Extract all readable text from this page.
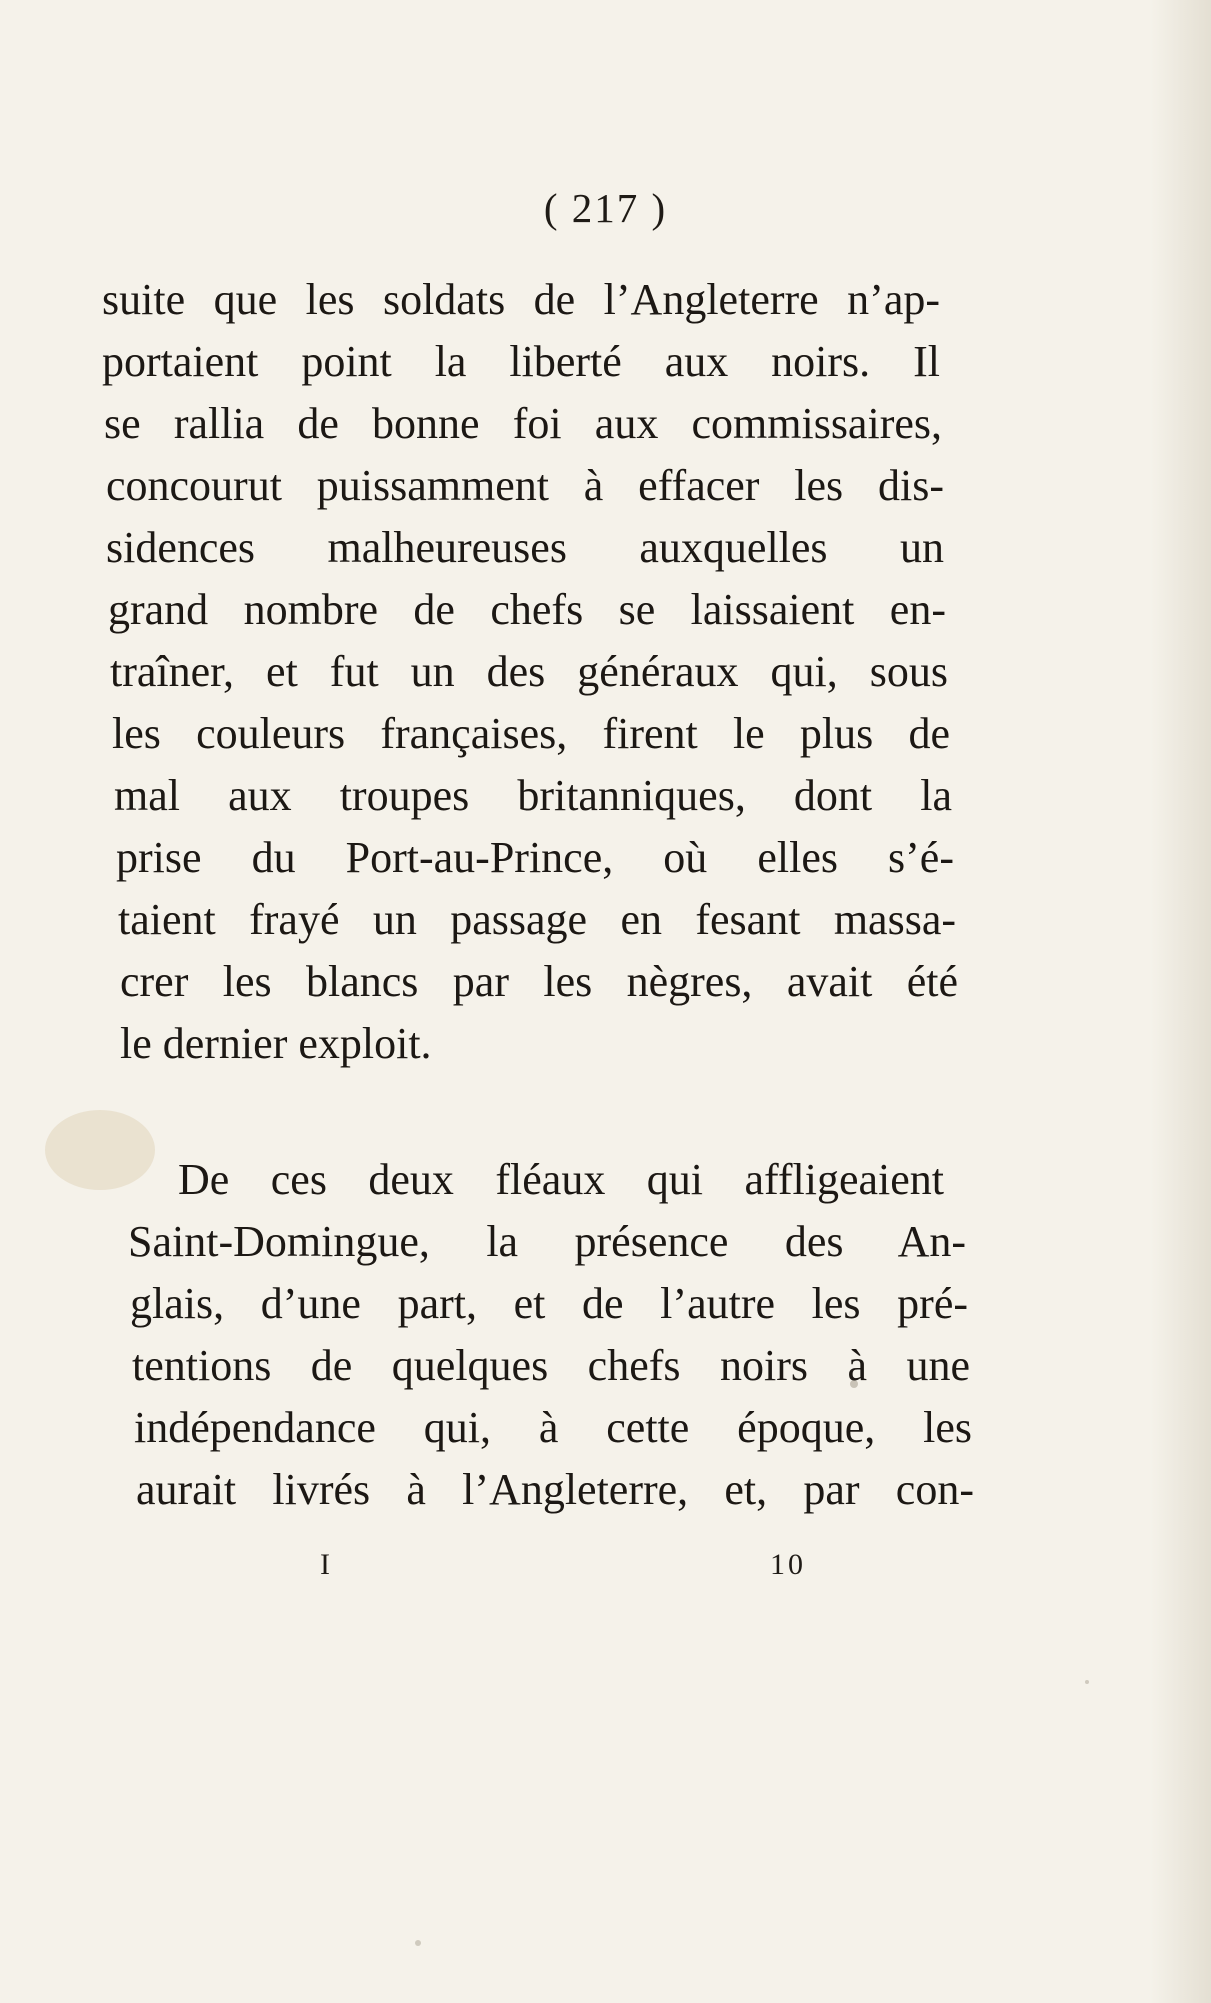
( 217 )
suite que les soldats de l’Angleterre n’ap-
portaient point la liberté aux noirs. Il
se rallia de bonne foi aux commissaires,
concourut puissamment à effacer les dis-
sidences malheureuses auxquelles un
grand nombre de chefs se laissaient en-
traîner, et fut un des généraux qui, sous
les couleurs françaises, firent le plus de
mal aux troupes britanniques, dont la
prise du Port-au-Prince, où elles s’é-
taient frayé un passage en fesant massa-
crer les blancs par les nègres, avait été
le dernier exploit.
De ces deux fléaux qui affligeaient
Saint-Domingue, la présence des An-
glais, d’une part, et de l’autre les pré-
tentions de quelques chefs noirs à une
indépendance qui, à cette époque, les
aurait livrés à l’Angleterre, et, par con-
I	10
